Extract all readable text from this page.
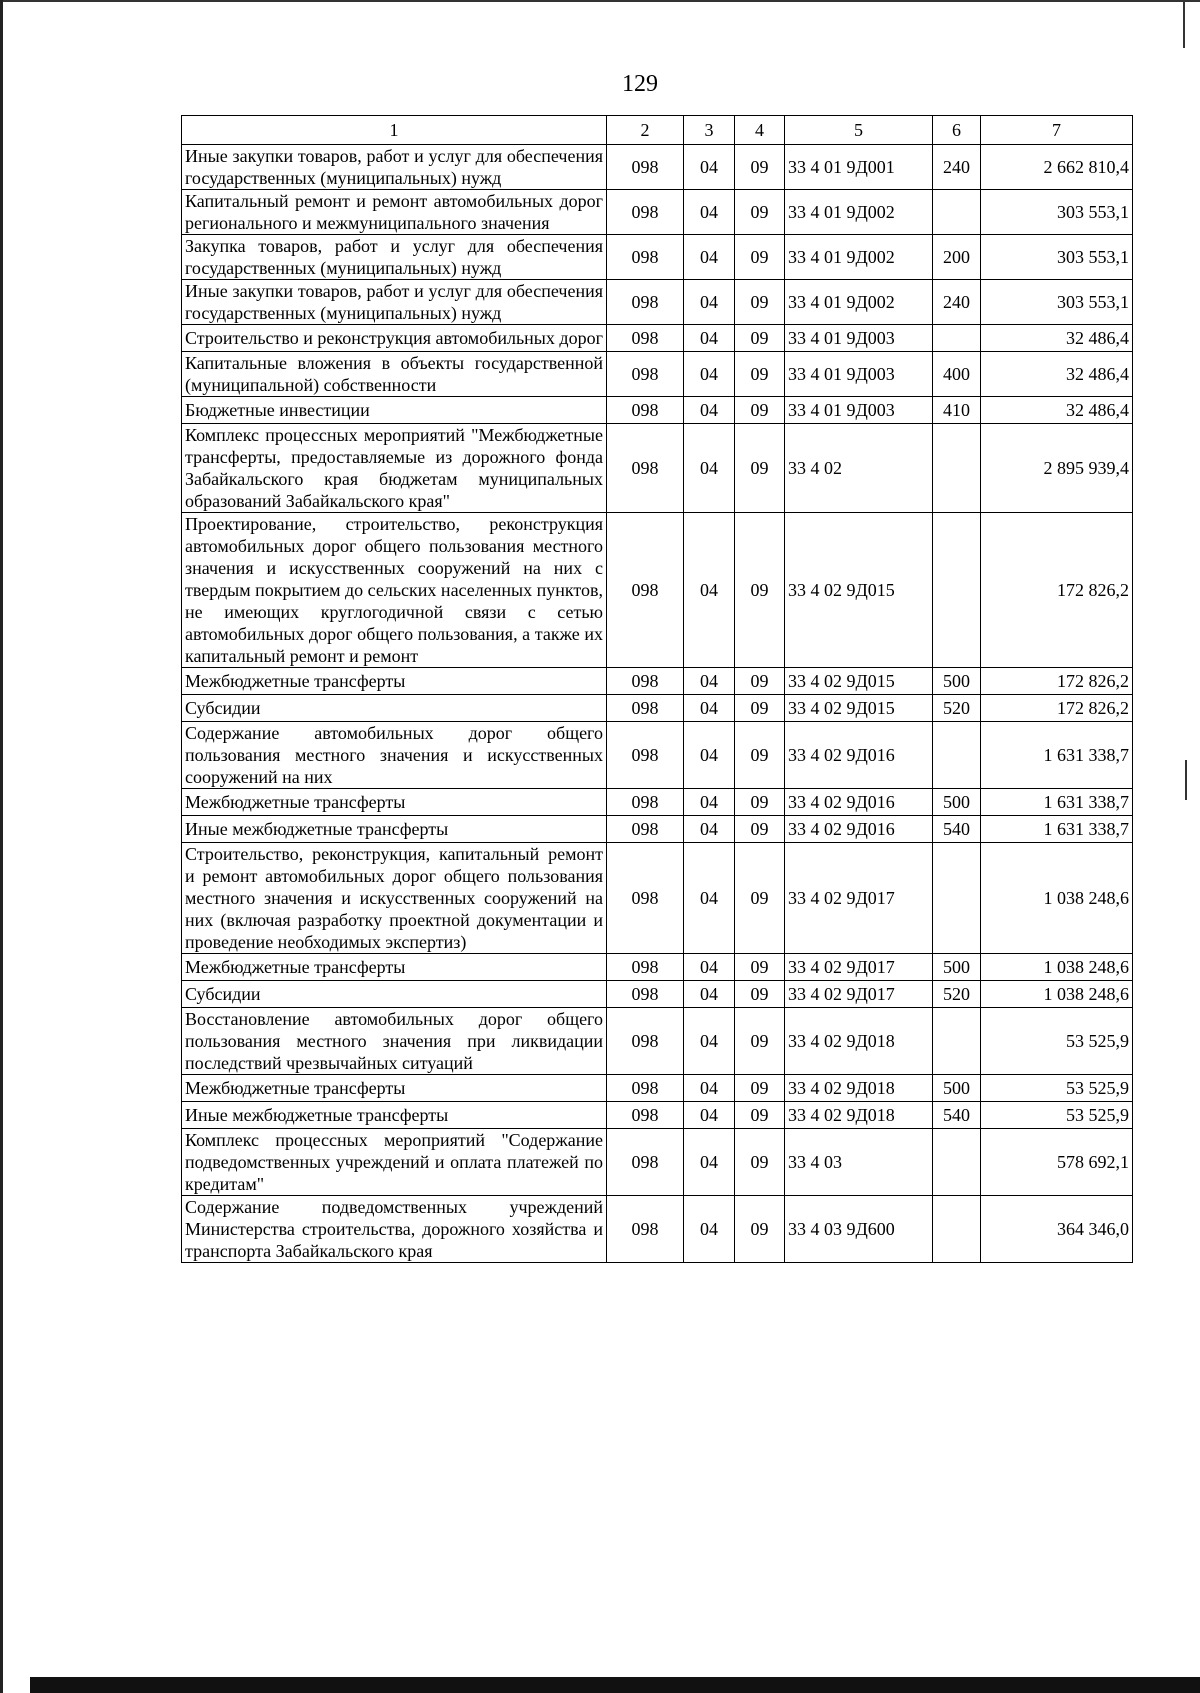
129
1	2	3	4	5	6	7
Иные закупки товаров, работ и услуг для обеспечения государственных (муниципальных) нужд	098	04	09	33 4 01 9Д001	240	2 662 810,4
Капитальный ремонт и ремонт автомобильных дорог регионального и межмуниципального значения	098	04	09	33 4 01 9Д002		303 553,1
Закупка товаров, работ и услуг для обеспечения государственных (муниципальных) нужд	098	04	09	33 4 01 9Д002	200	303 553,1
Иные закупки товаров, работ и услуг для обеспечения государственных (муниципальных) нужд	098	04	09	33 4 01 9Д002	240	303 553,1
Строительство и реконструкция автомобильных дорог	098	04	09	33 4 01 9Д003		32 486,4
Капитальные вложения в объекты государственной (муниципальной) собственности	098	04	09	33 4 01 9Д003	400	32 486,4
Бюджетные инвестиции	098	04	09	33 4 01 9Д003	410	32 486,4
Комплекс процессных мероприятий "Межбюджетные трансферты, предоставляемые из дорожного фонда Забайкальского края бюджетам муниципальных образований Забайкальского края"	098	04	09	33 4 02		2 895 939,4
Проектирование, строительство, реконструкция автомобильных дорог общего пользования местного значения и искусственных сооружений на них с твердым покрытием до сельских населенных пунктов, не имеющих круглогодичной связи с сетью автомобильных дорог общего пользования, а также их капитальный ремонт и ремонт	098	04	09	33 4 02 9Д015		172 826,2
Межбюджетные трансферты	098	04	09	33 4 02 9Д015	500	172 826,2
Субсидии	098	04	09	33 4 02 9Д015	520	172 826,2
Содержание автомобильных дорог общего пользования местного значения и искусственных сооружений на них	098	04	09	33 4 02 9Д016		1 631 338,7
Межбюджетные трансферты	098	04	09	33 4 02 9Д016	500	1 631 338,7
Иные межбюджетные трансферты	098	04	09	33 4 02 9Д016	540	1 631 338,7
Строительство, реконструкция, капитальный ремонт и ремонт автомобильных дорог общего пользования местного значения и искусственных сооружений на них (включая разработку проектной документации и проведение необходимых экспертиз)	098	04	09	33 4 02 9Д017		1 038 248,6
Межбюджетные трансферты	098	04	09	33 4 02 9Д017	500	1 038 248,6
Субсидии	098	04	09	33 4 02 9Д017	520	1 038 248,6
Восстановление автомобильных дорог общего пользования местного значения при ликвидации последствий чрезвычайных ситуаций	098	04	09	33 4 02 9Д018		53 525,9
Межбюджетные трансферты	098	04	09	33 4 02 9Д018	500	53 525,9
Иные межбюджетные трансферты	098	04	09	33 4 02 9Д018	540	53 525,9
Комплекс процессных мероприятий "Содержание подведомственных учреждений и оплата платежей по кредитам"	098	04	09	33 4 03		578 692,1
Содержание подведомственных учреждений Министерства строительства, дорожного хозяйства и транспорта Забайкальского края	098	04	09	33 4 03 9Д600		364 346,0
